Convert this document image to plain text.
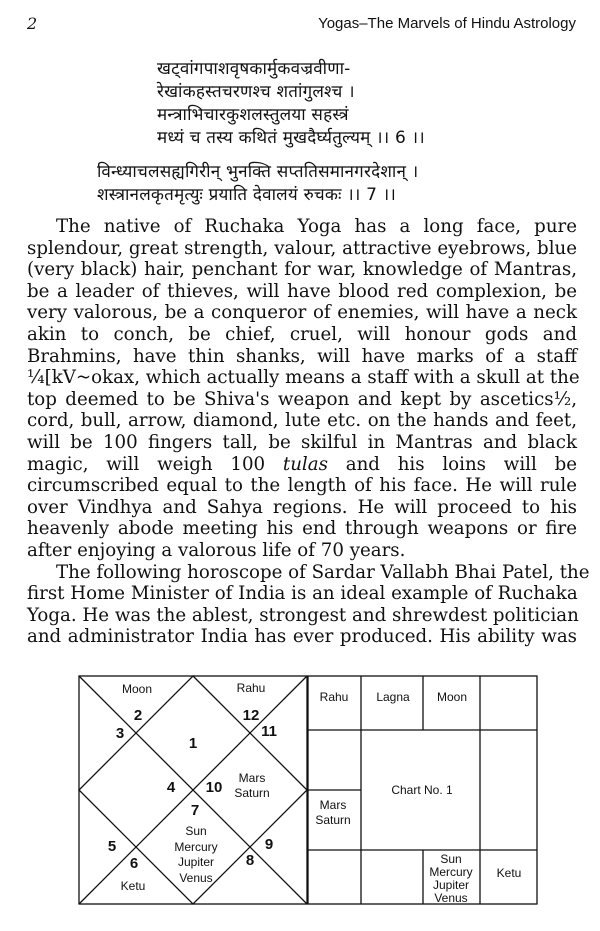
2	Yogas–The Marvels of Hindu Astrology
खट्वांगपाशवृषकार्मुकवज्रवीणा-
रेखांकहस्तचरणश्च शतांगुलश्च ।
मन्त्राभिचारकुशलस्तुलया सहस्त्रं
मध्यं च तस्य कथितं मुखदैर्घ्यतुल्यम् ।। 6 ।।
विन्ध्याचलसह्यगिरीन् भुनक्ति सप्ततिसमानगरदेशान् ।
शस्त्रानलकृतमृत्युः प्रयाति देवालयं रुचकः ।। 7 ।।
The native of Ruchaka Yoga has a long face, pure
splendour, great strength, valour, attractive eyebrows, blue
(very black) hair, penchant for war, knowledge of Mantras,
be a leader of thieves, will have blood red complexion, be
very valorous, be a conqueror of enemies, will have a neck
akin to conch, be chief, cruel, will honour gods and
Brahmins, have thin shanks, will have marks of a staff
¼[kV~okax, which actually means a staff with a skull at the
top deemed to be Shiva's weapon and kept by ascetics½,
cord, bull, arrow, diamond, lute etc. on the hands and feet,
will be 100 fingers tall, be skilful in Mantras and black
magic, will weigh 100 tulas and his loins will be
circumscribed equal to the length of his face. He will rule
over Vindhya and Sahya regions. He will proceed to his
heavenly abode meeting his end through weapons or fire
after enjoying a valorous life of 70 years.
The following horoscope of Sardar Vallabh Bhai Patel, the
first Home Minister of India is an ideal example of Ruchaka
Yoga. He was the ablest, strongest and shrewdest politician
and administrator India has ever produced. His ability was
Moon
2
3
1
Rahu
12
11
4 10
Mars
Saturn
7
Sun
Mercury
Jupiter
Venus
5
6
Ketu
8
9
Rahu Lagna Moon
Chart No. 1
Mars
Saturn
Sun
Mercury
Jupiter
Venus
Ketu
